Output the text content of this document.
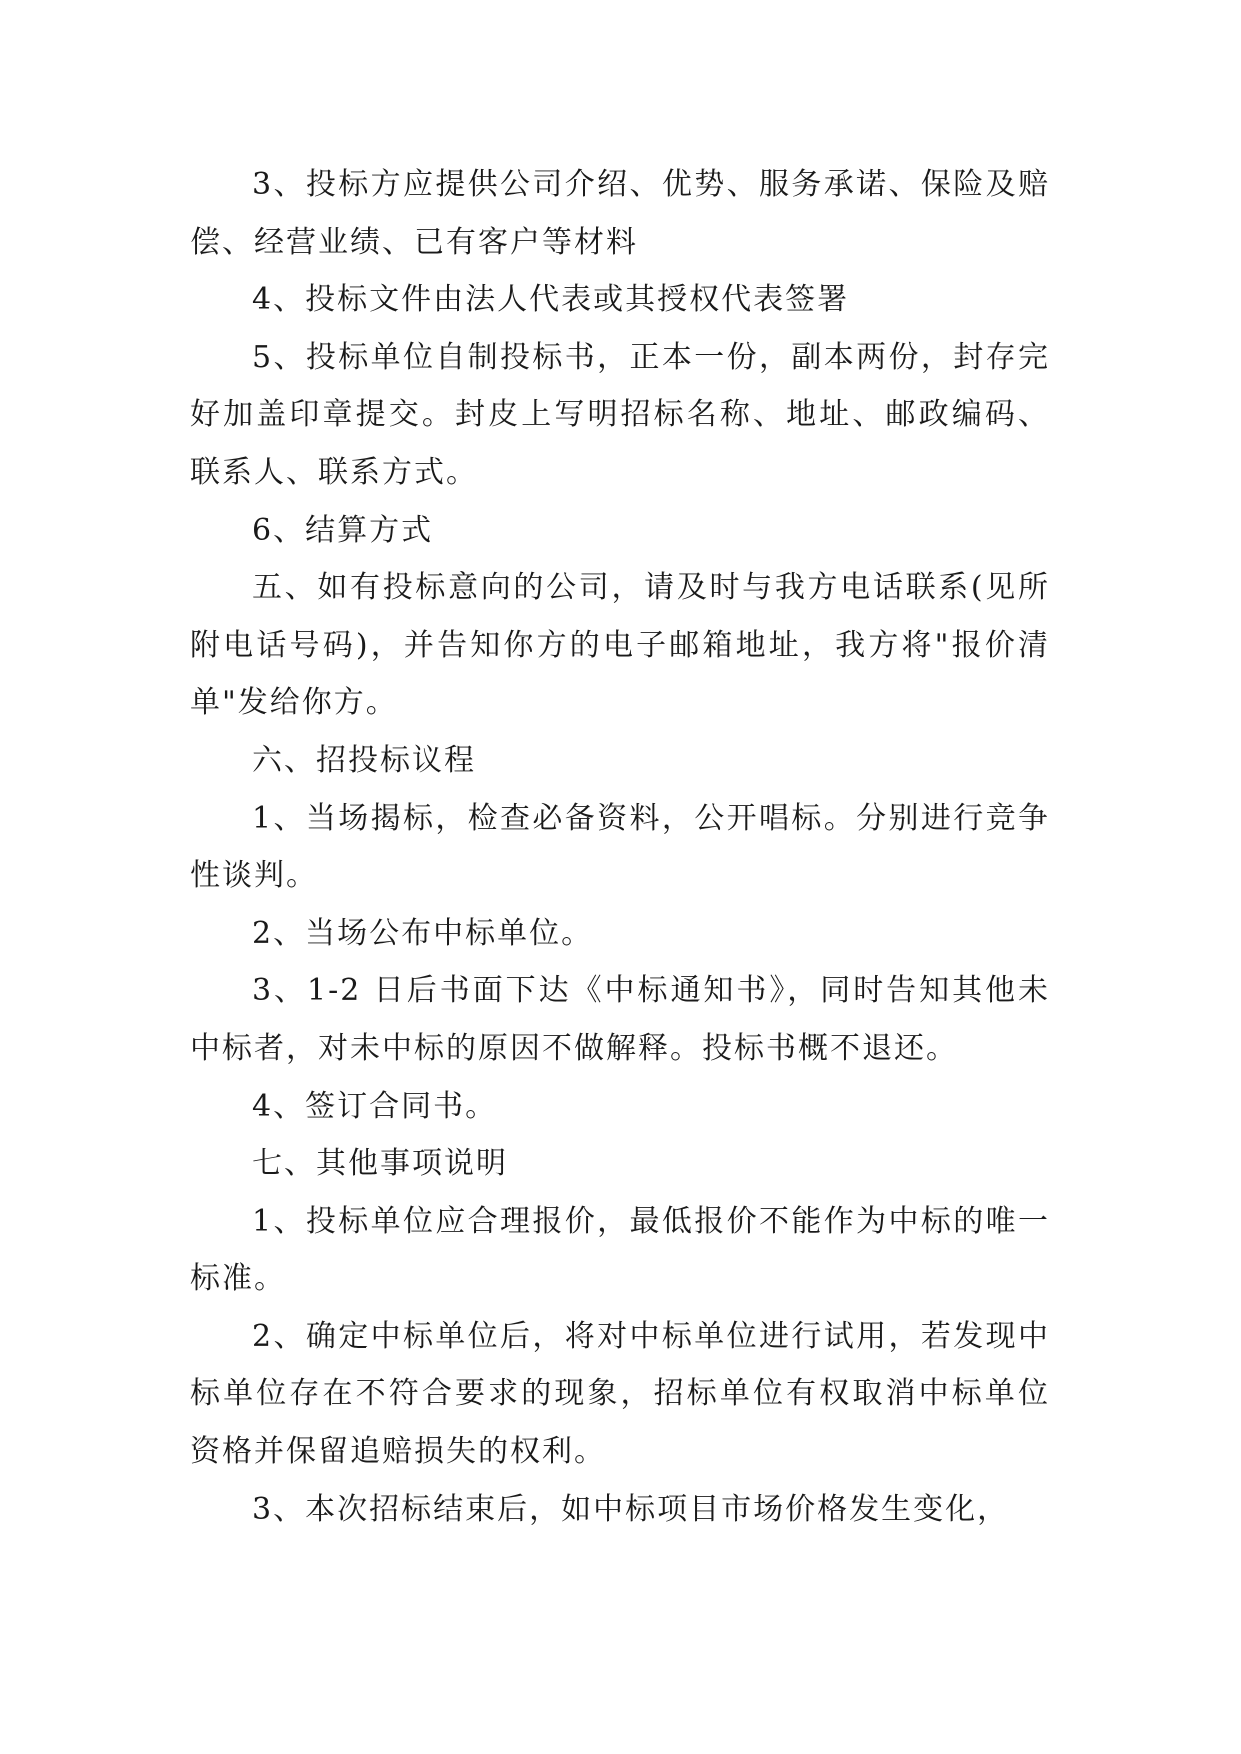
3、投标方应提供公司介绍、优势、服务承诺、保险及赔偿、经营业绩、已有客户等材料

4、投标文件由法人代表或其授权代表签署

5、投标单位自制投标书，正本一份，副本两份，封存完好加盖印章提交。封皮上写明招标名称、地址、邮政编码、联系人、联系方式。

6、结算方式

五、如有投标意向的公司，请及时与我方电话联系(见所附电话号码)，并告知你方的电子邮箱地址，我方将"报价清单"发给你方。

六、招投标议程

1、当场揭标，检查必备资料，公开唱标。分别进行竞争性谈判。

2、当场公布中标单位。

3、1-2 日后书面下达《中标通知书》，同时告知其他未中标者，对未中标的原因不做解释。投标书概不退还。

4、签订合同书。

七、其他事项说明

1、投标单位应合理报价，最低报价不能作为中标的唯一标准。

2、确定中标单位后，将对中标单位进行试用，若发现中标单位存在不符合要求的现象，招标单位有权取消中标单位资格并保留追赔损失的权利。

3、本次招标结束后，如中标项目市场价格发生变化，
